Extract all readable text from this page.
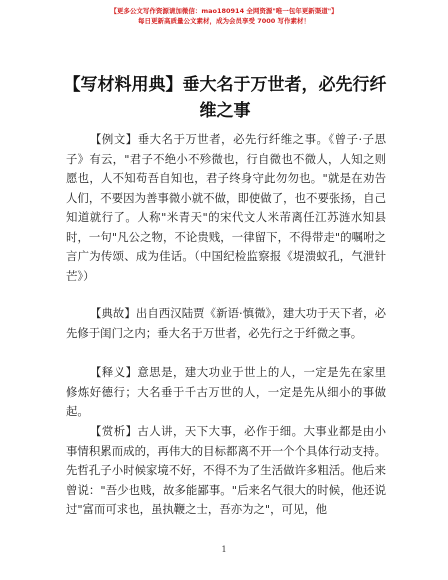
【更多公文写作资源请加微信：mao180914 全网资源"唯一包年更新渠道"】
每日更新高质量公文素材，成为会员享受 7000 写作素材！
【写材料用典】垂大名于万世者，必先行纤维之事

【例文】垂大名于万世者，必先行纤维之事。《曾子·子思子》有云，"君子不绝小不殄微也，行自微也不微人，人知之则愿也，人不知苟吾自知也，君子终身守此勿勿也。"就是在劝告人们，不要因为善事微小就不做，即使做了，也不要张扬，自己知道就行了。人称"米青天"的宋代文人米芾离任江苏涟水知县时，一句"凡公之物，不论贵贱，一律留下，不得带走"的嘱咐之言广为传颂、成为佳话。（中国纪检监察报《堤溃蚁孔，气泄针芒》）

【典故】出自西汉陆贾《新语·慎微》，建大功于天下者，必先修于闺门之内；垂大名于万世者，必先行之于纤微之事。

【释义】意思是，建大功业于世上的人，一定是先在家里修炼好德行；大名垂于千古万世的人，一定是先从细小的事做起。

【赏析】古人讲，天下大事，必作于细。大事业都是由小事情积累而成的，再伟大的目标都离不开一个个具体行动支持。先哲孔子小时候家境不好，不得不为了生活做许多粗活。他后来曾说："吾少也贱，故多能鄙事。"后来名气很大的时候，他还说过"富而可求也，虽执鞭之士，吾亦为之"，可见，他

1
